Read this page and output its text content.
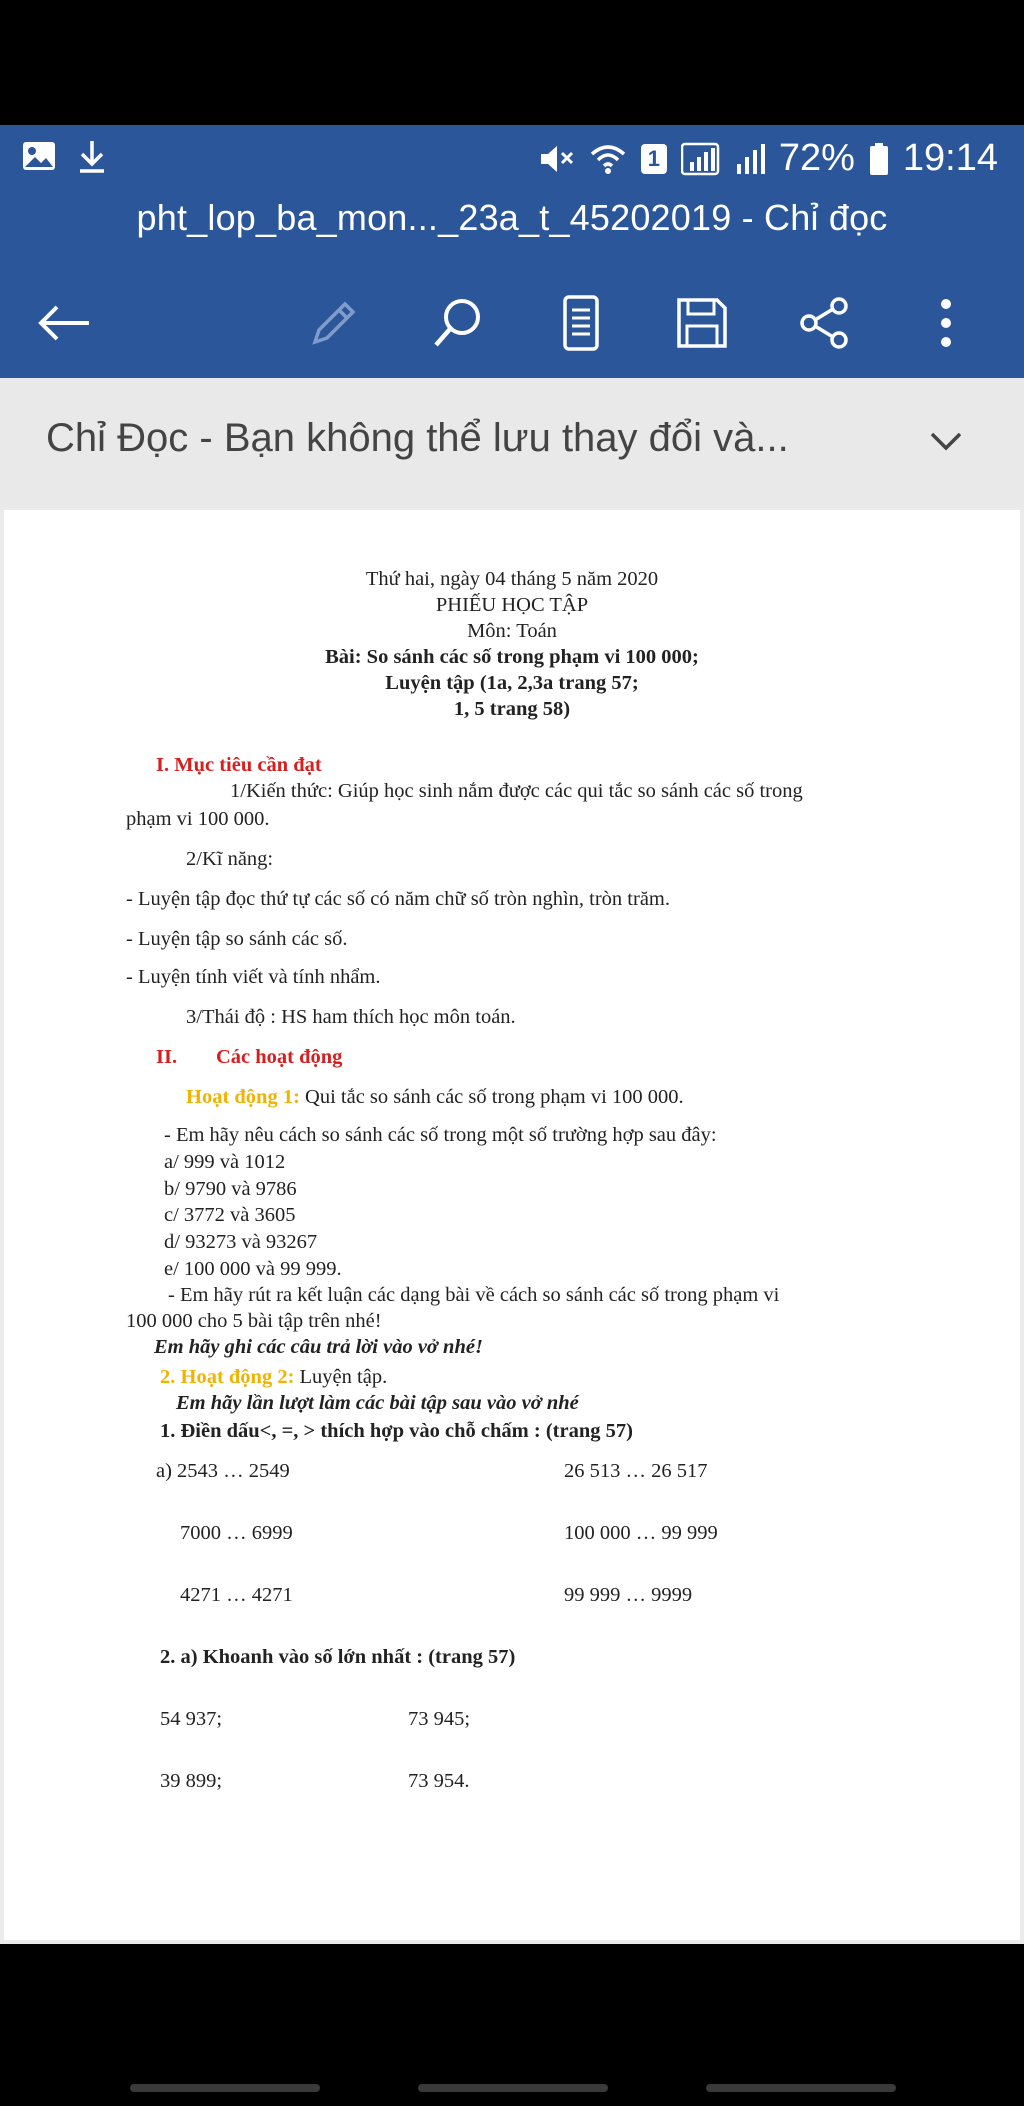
1	72% 19:14
pht_lop_ba_mon..._23a_t_45202019 - Chỉ đọc
Chỉ Đọc - Bạn không thể lưu thay đổi và...
Thứ hai, ngày 04 tháng 5 năm 2020
PHIẾU HỌC TẬP
Môn: Toán
Bài: So sánh các số trong phạm vi 100 000;
Luyện tập (1a, 2,3a trang 57;
1, 5 trang 58)
I. Mục tiêu cần đạt
1/Kiến thức: Giúp học sinh nắm được các qui tắc so sánh các số trong
phạm vi 100 000.
2/Kĩ năng:
- Luyện tập đọc thứ tự các số có năm chữ số tròn nghìn, tròn trăm.
- Luyện tập so sánh các số.
- Luyện tính viết và tính nhẩm.
3/Thái độ : HS ham thích học môn toán.
II. Các hoạt động
Hoạt động 1: Qui tắc so sánh các số trong phạm vi 100 000.
- Em hãy nêu cách so sánh các số trong một số trường hợp sau đây:
a/ 999 và 1012
b/ 9790 và 9786
c/ 3772 và 3605
d/ 93273 và 93267
e/ 100 000 và 99 999.
- Em hãy rút ra kết luận các dạng bài về cách so sánh các số trong phạm vi
100 000 cho 5 bài tập trên nhé!
Em hãy ghi các câu trả lời vào vở nhé!
2. Hoạt động 2: Luyện tập.
Em hãy lần lượt làm các bài tập sau vào vở nhé
1. Điền dấu<, =, > thích hợp vào chỗ chấm : (trang 57)
a) 2543 … 2549	26 513 … 26 517
7000 … 6999	100 000 … 99 999
4271 … 4271	99 999 … 9999
2. a) Khoanh vào số lớn nhất : (trang 57)
54 937;	73 945;
39 899;	73 954.
